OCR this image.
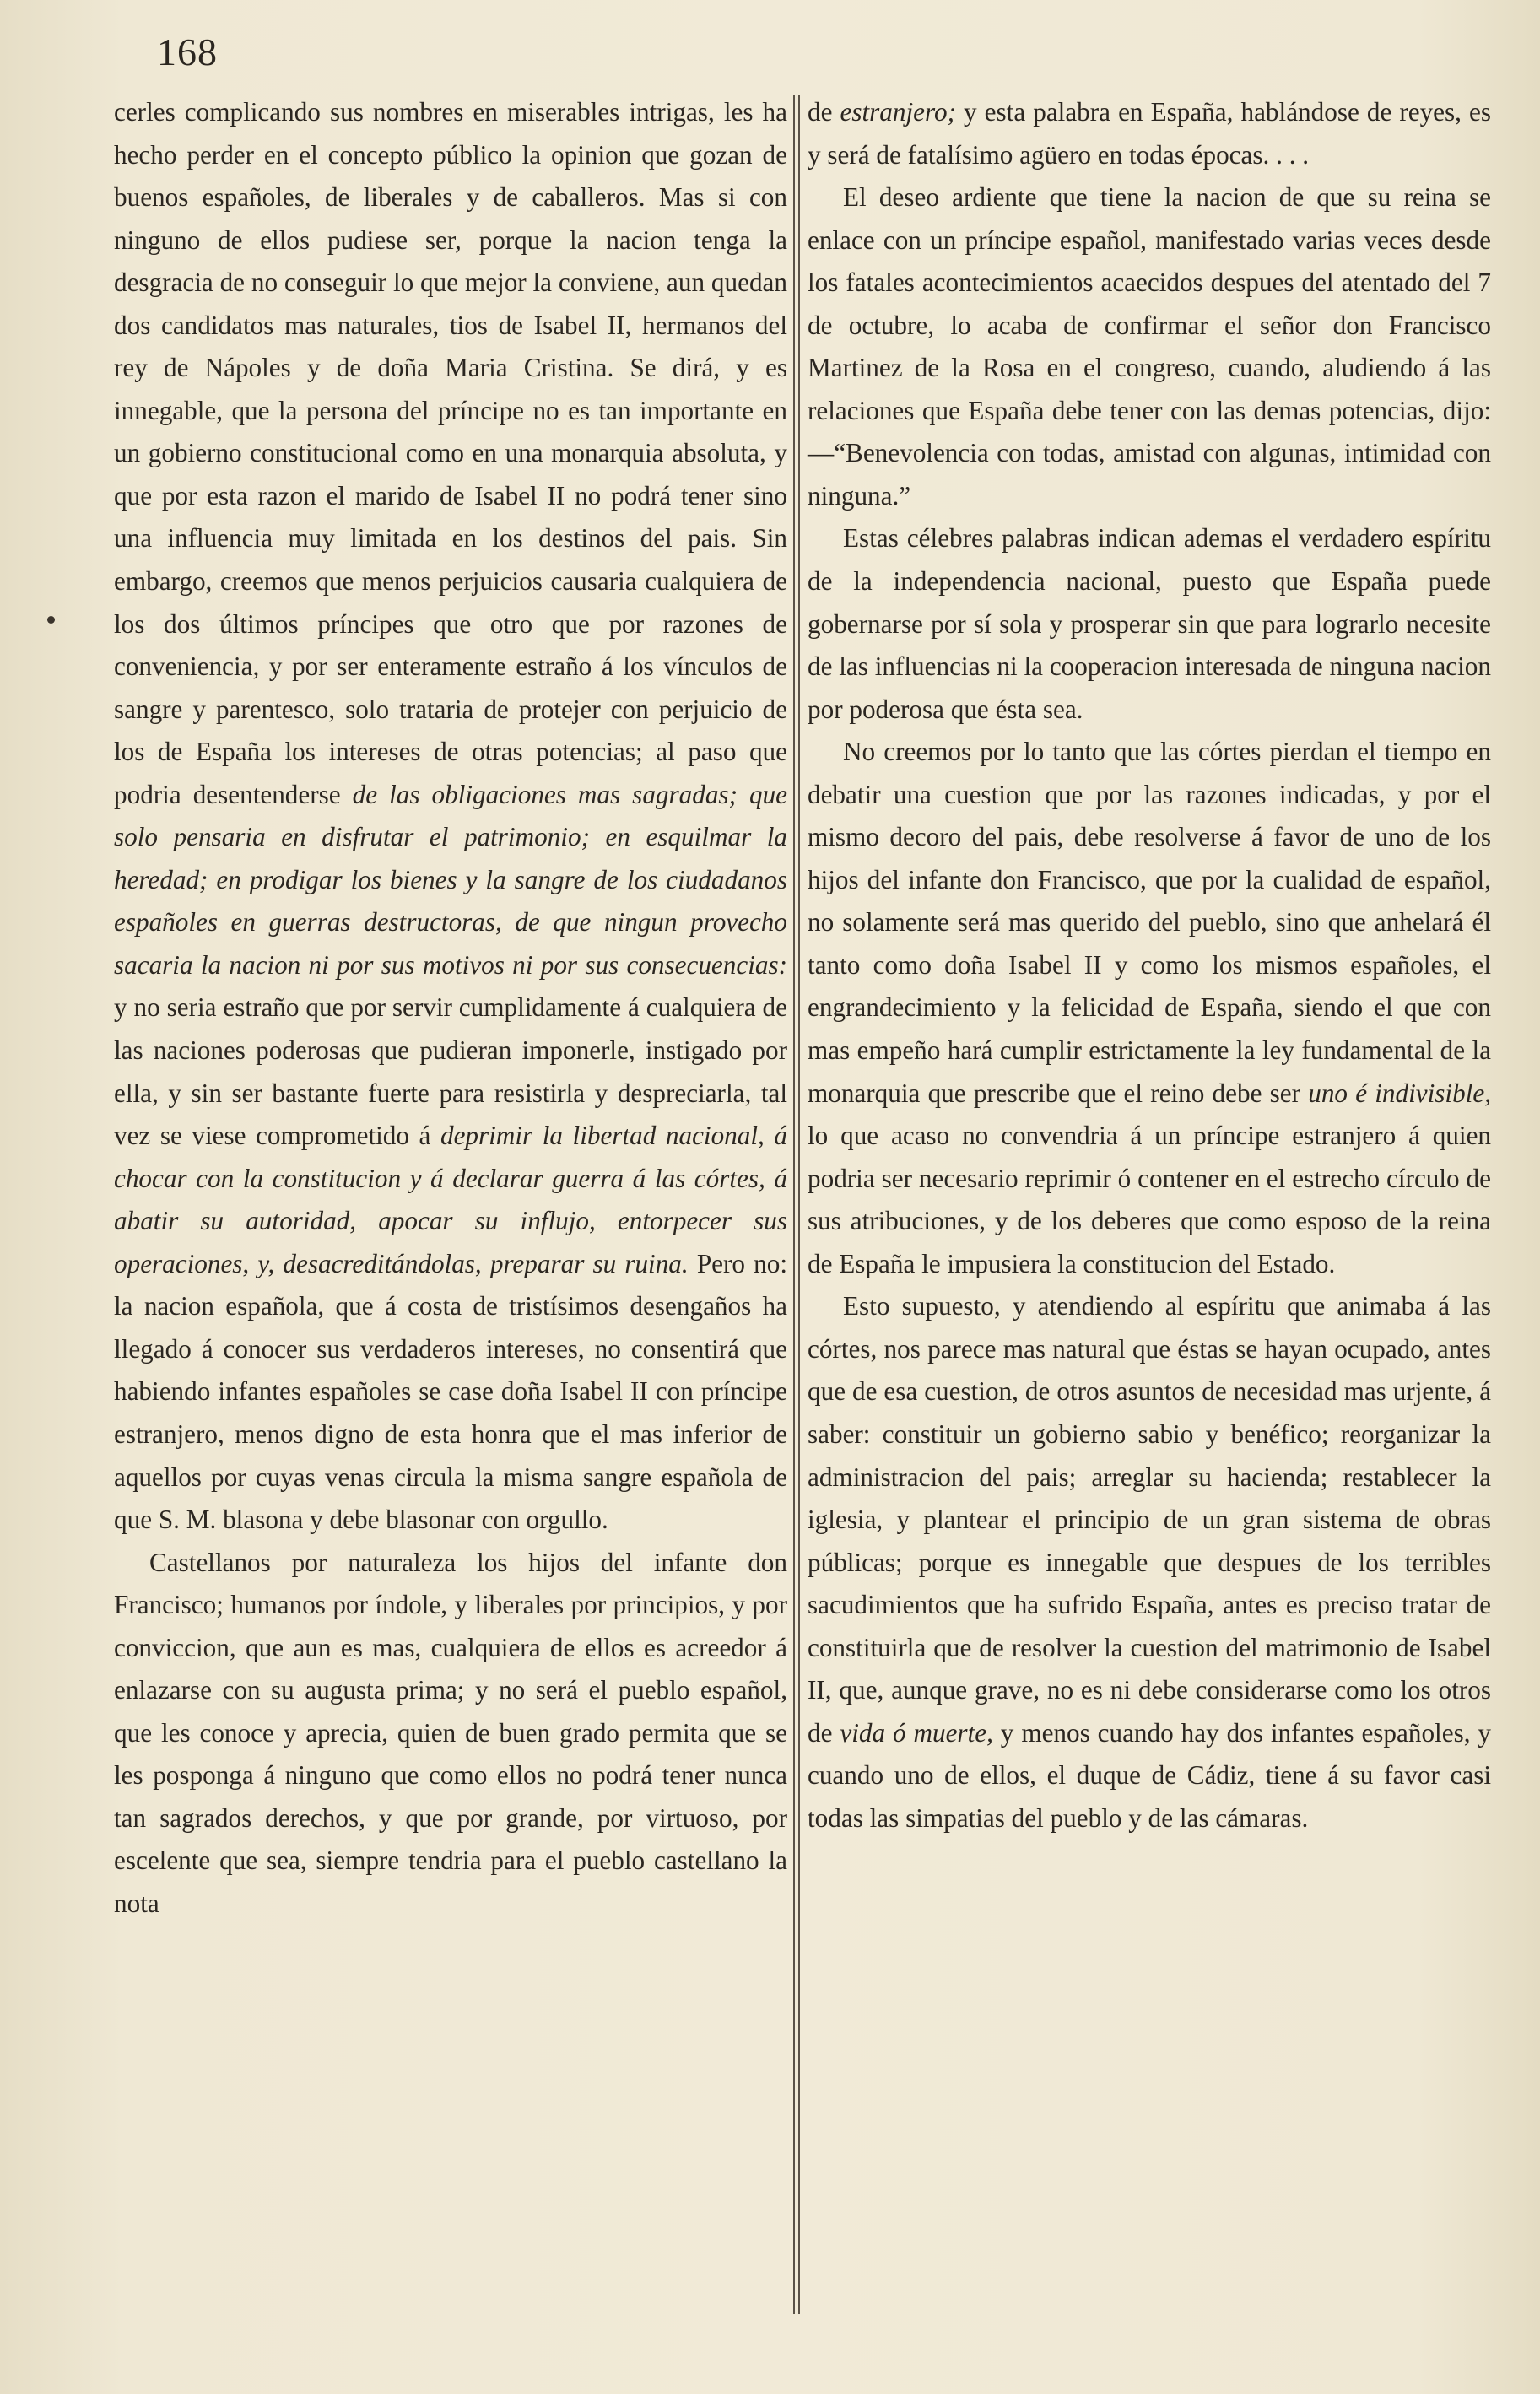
168

cerles complicando sus nombres en miserables intrigas, les ha hecho perder en el concepto público la opinion que gozan de buenos españoles, de liberales y de caballeros. Mas si con ninguno de ellos pudiese ser, porque la nacion tenga la desgracia de no conseguir lo que mejor la conviene, aun quedan dos candidatos mas naturales, tios de Isabel II, hermanos del rey de Nápoles y de doña Maria Cristina. Se dirá, y es innegable, que la persona del príncipe no es tan importante en un gobierno constitucional como en una monarquia absoluta, y que por esta razon el marido de Isabel II no podrá tener sino una influencia muy limitada en los destinos del pais. Sin embargo, creemos que menos perjuicios causaria cualquiera de los dos últimos príncipes que otro que por razones de conveniencia, y por ser enteramente estraño á los vínculos de sangre y parentesco, solo trataria de protejer con perjuicio de los de España los intereses de otras potencias; al paso que podria desentenderse de las obligaciones mas sagradas; que solo pensaria en disfrutar el patrimonio; en esquilmar la heredad; en prodigar los bienes y la sangre de los ciudadanos españoles en guerras destructoras, de que ningun provecho sacaria la nacion ni por sus motivos ni por sus consecuencias: y no seria estraño que por servir cumplidamente á cualquiera de las naciones poderosas que pudieran imponerle, instigado por ella, y sin ser bastante fuerte para resistirla y despreciarla, tal vez se viese comprometido á deprimir la libertad nacional, á chocar con la constitucion y á declarar guerra á las córtes, á abatir su autoridad, apocar su influjo, entorpecer sus operaciones, y, desacreditándolas, preparar su ruina. Pero no: la nacion española, que á costa de tristísimos desengaños ha llegado á conocer sus verdaderos intereses, no consentirá que habiendo infantes españoles se case doña Isabel II con príncipe estranjero, menos digno de esta honra que el mas inferior de aquellos por cuyas venas circula la misma sangre española de que S. M. blasona y debe blasonar con orgullo.

Castellanos por naturaleza los hijos del infante don Francisco; humanos por índole, y liberales por principios, y por conviccion, que aun es mas, cualquiera de ellos es acreedor á enlazarse con su augusta prima; y no será el pueblo español, que les conoce y aprecia, quien de buen grado permita que se les posponga á ninguno que como ellos no podrá tener nunca tan sagrados derechos, y que por grande, por virtuoso, por escelente que sea, siempre tendria para el pueblo castellano la nota

de estranjero; y esta palabra en España, hablándose de reyes, es y será de fatalísimo agüero en todas épocas. . . .

El deseo ardiente que tiene la nacion de que su reina se enlace con un príncipe español, manifestado varias veces desde los fatales acontecimientos acaecidos despues del atentado del 7 de octubre, lo acaba de confirmar el señor don Francisco Martinez de la Rosa en el congreso, cuando, aludiendo á las relaciones que España debe tener con las demas potencias, dijo:—“Benevolencia con todas, amistad con algunas, intimidad con ninguna.”

Estas célebres palabras indican ademas el verdadero espíritu de la independencia nacional, puesto que España puede gobernarse por sí sola y prosperar sin que para lograrlo necesite de las influencias ni la cooperacion interesada de ninguna nacion por poderosa que ésta sea.

No creemos por lo tanto que las córtes pierdan el tiempo en debatir una cuestion que por las razones indicadas, y por el mismo decoro del pais, debe resolverse á favor de uno de los hijos del infante don Francisco, que por la cualidad de español, no solamente será mas querido del pueblo, sino que anhelará él tanto como doña Isabel II y como los mismos españoles, el engrandecimiento y la felicidad de España, siendo el que con mas empeño hará cumplir estrictamente la ley fundamental de la monarquia que prescribe que el reino debe ser uno é indivisible, lo que acaso no convendria á un príncipe estranjero á quien podria ser necesario reprimir ó contener en el estrecho círculo de sus atribuciones, y de los deberes que como esposo de la reina de España le impusiera la constitucion del Estado.

Esto supuesto, y atendiendo al espíritu que animaba á las córtes, nos parece mas natural que éstas se hayan ocupado, antes que de esa cuestion, de otros asuntos de necesidad mas urjente, á saber: constituir un gobierno sabio y benéfico; reorganizar la administracion del pais; arreglar su hacienda; restablecer la iglesia, y plantear el principio de un gran sistema de obras públicas; porque es innegable que despues de los terribles sacudimientos que ha sufrido España, antes es preciso tratar de constituirla que de resolver la cuestion del matrimonio de Isabel II, que, aunque grave, no es ni debe considerarse como los otros de vida ó muerte, y menos cuando hay dos infantes españoles, y cuando uno de ellos, el duque de Cádiz, tiene á su favor casi todas las simpatias del pueblo y de las cámaras.
